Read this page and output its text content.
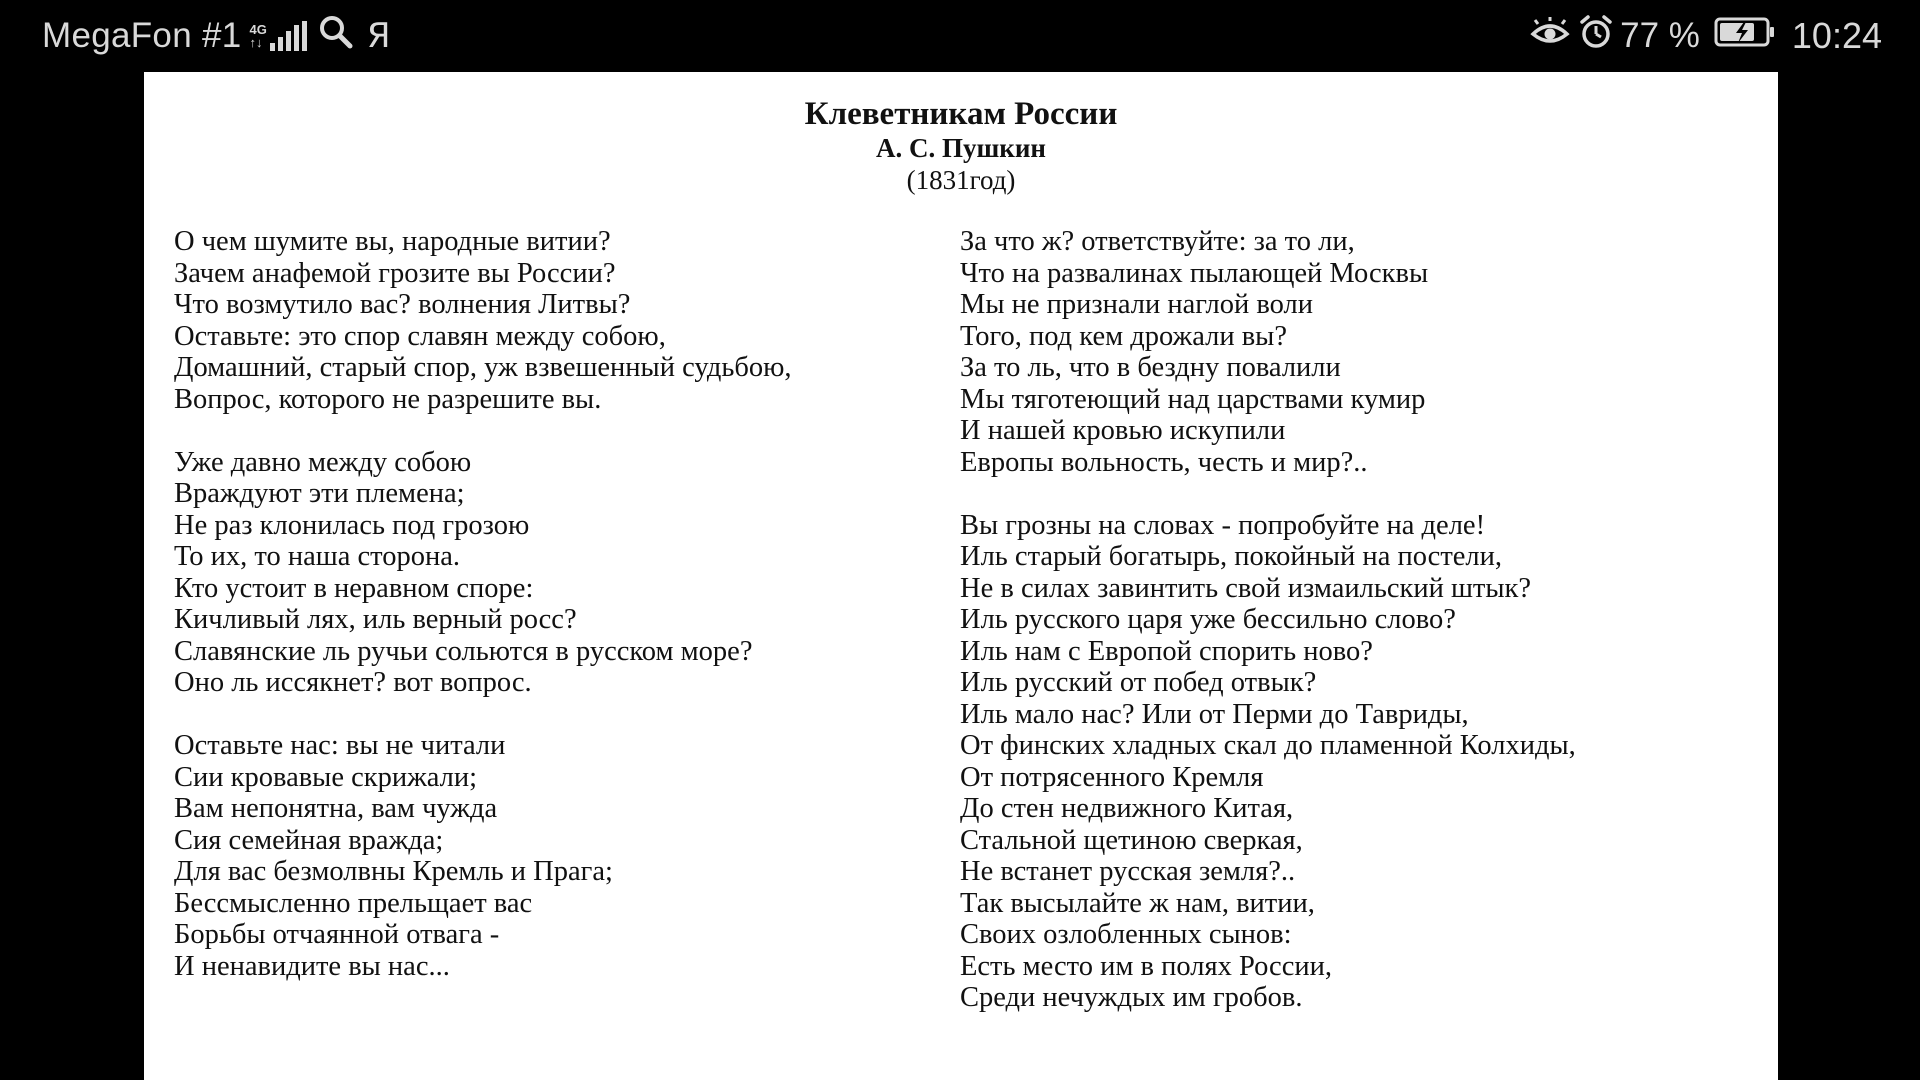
MegaFon #1 4G
↑↓	Я	77 %	10:24
Клеветникам России
А. С. Пушкин
(1831год)
О чем шумите вы, народные витии?
Зачем анафемой грозите вы России?
Что возмутило вас? волнения Литвы?
Оставьте: это спор славян между собою,
Домашний, старый спор, уж взвешенный судьбою,
Вопрос, которого не разрешите вы.
Уже давно между собою
Враждуют эти племена;
Не раз клонилась под грозою
То их, то наша сторона.
Кто устоит в неравном споре:
Кичливый лях, иль верный росс?
Славянские ль ручьи сольются в русском море?
Оно ль иссякнет? вот вопрос.
Оставьте нас: вы не читали
Сии кровавые скрижали;
Вам непонятна, вам чужда
Сия семейная вражда;
Для вас безмолвны Кремль и Прага;
Бессмысленно прельщает вас
Борьбы отчаянной отвага -
И ненавидите вы нас...
За что ж? ответствуйте: за то ли,
Что на развалинах пылающей Москвы
Мы не признали наглой воли
Того, под кем дрожали вы?
За то ль, что в бездну повалили
Мы тяготеющий над царствами кумир
И нашей кровью искупили
Европы вольность, честь и мир?..
Вы грозны на словах - попробуйте на деле!
Иль старый богатырь, покойный на постели,
Не в силах завинтить свой измаильский штык?
Иль русского царя уже бессильно слово?
Иль нам с Европой спорить ново?
Иль русский от побед отвык?
Иль мало нас? Или от Перми до Тавриды,
От финских хладных скал до пламенной Колхиды,
От потрясенного Кремля
До стен недвижного Китая,
Стальной щетиною сверкая,
Не встанет русская земля?..
Так высылайте ж нам, витии,
Своих озлобленных сынов:
Есть место им в полях России,
Среди нечуждых им гробов.
